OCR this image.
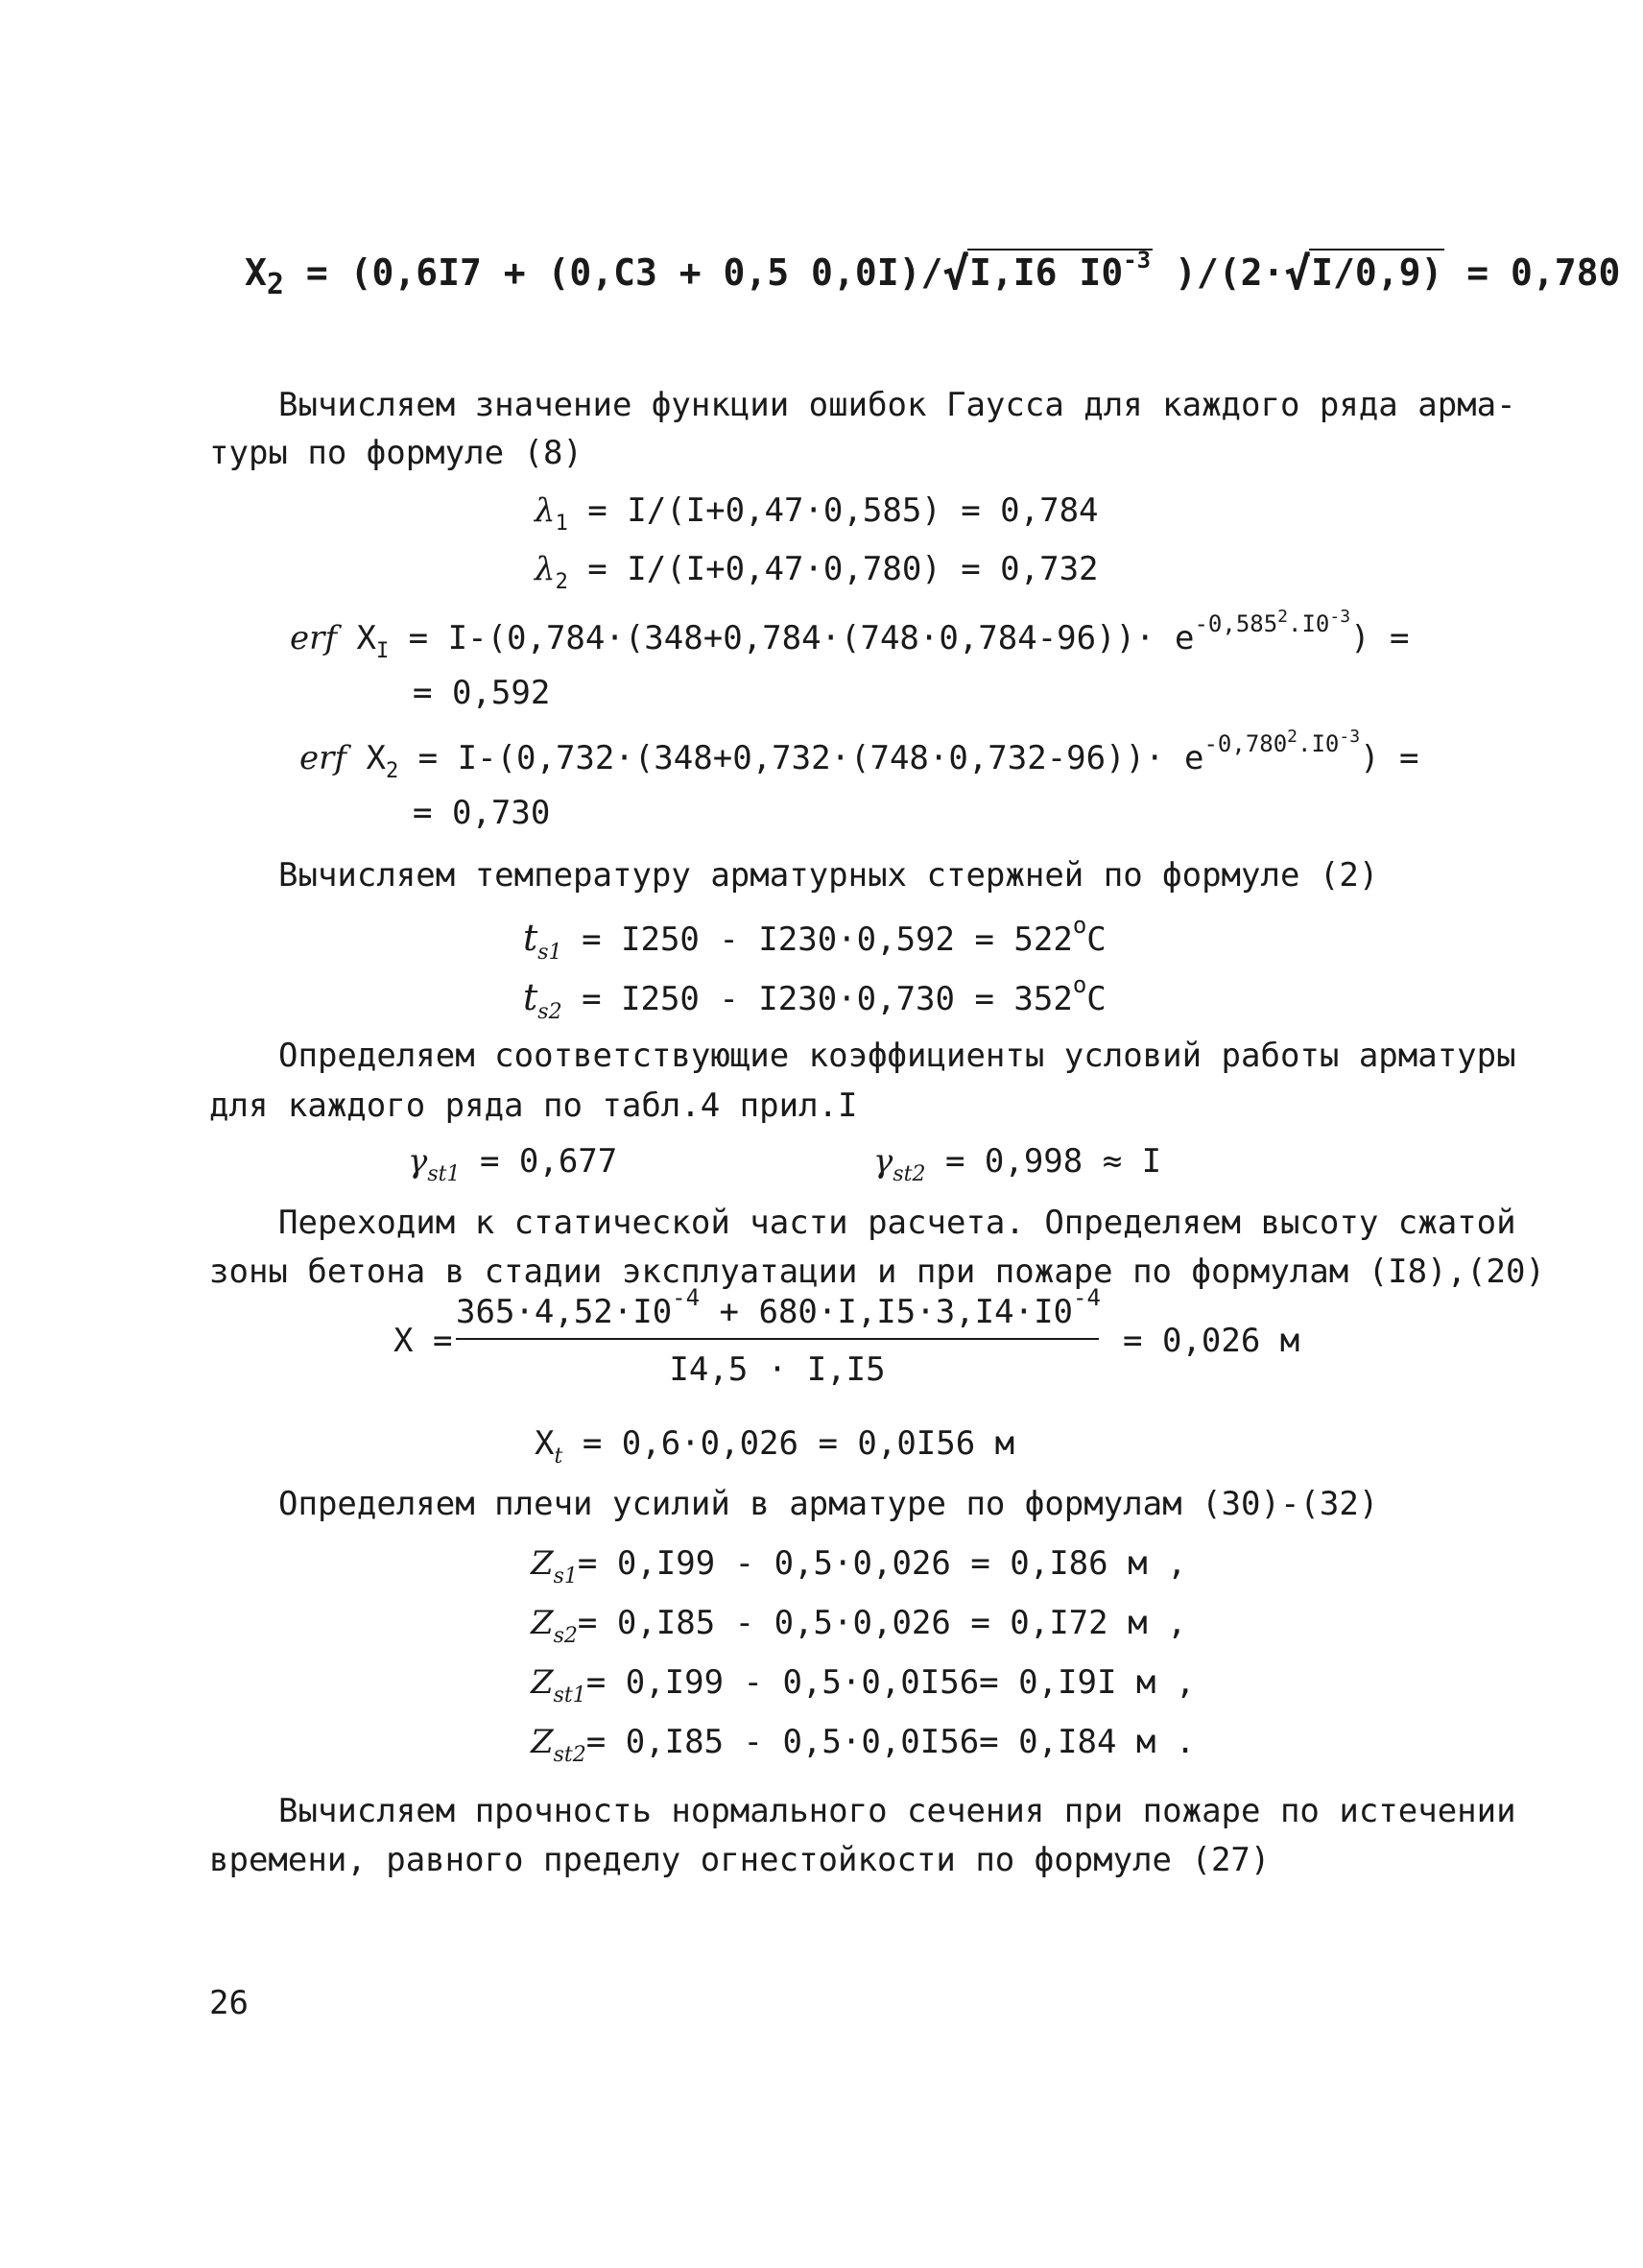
$X_2 = (0,6I7 + (0,C3 + 0,5$ 0,0I)/√I,I6 $I0^{-3}$ )/(2·√I/0,9) = 0,780
Вычисляем значение функции ошибок Гаусса для каждого ряда арма-
туры по формуле (8)
$\lambda_1 = I/(I+0,47\cdot 0,585) = 0,784$
$\lambda_2 = I/(I+0,47\cdot 0,780) = 0,732$
erf $X_I = I-(0,784\cdot(348+0,784\cdot(748\cdot 0,784-96))\cdot e^{-0,585^2.I0^{-3}})$ =
= 0,592
erf $X_2 = I-(0,732\cdot(348+0,732\cdot(748\cdot 0,732-96))\cdot e^{-0,780^2.I0^{-3}})$ =
= 0,730
Вычисляем температуру арматурных стержней по формуле (2)
$t_{s1} = I250 - I230\cdot 0,592 = 522^oC$
$t_{s2} = I250 - I230\cdot 0,730 = 352^oC$
Определяем соответствующие коэффициенты условий работы арматуры
для каждого ряда по табл.4 прил.I
$\gamma_{st1} = 0,677$	$\gamma_{st2} = 0,998 \approx I$
Переходим к статической части расчета. Определяем высоту сжатой
зоны бетона в стадии эксплуатации и при пожаре по формулам (I8),(20)
X =
$365\cdot 4,52\cdot I0^{-4} + 680\cdot I,I5\cdot 3,I4\cdot I0^{-4}$
I4,5 · I,I5
= 0,026 м
$X_t = 0,6\cdot 0,026 = 0,0I56$ м
Определяем плечи усилий в арматуре по формулам (30)-(32)
$Z_{s1}= 0,I99 - 0,5\cdot 0,026 = 0,I86$ м ,
$Z_{s2}= 0,I85 - 0,5\cdot 0,026 = 0,I72$ м ,
$Z_{st1}= 0,I99 - 0,5\cdot 0,0I56= 0,I9I$ м ,
$Z_{st2}= 0,I85 - 0,5\cdot 0,0I56= 0,I84$ м .
Вычисляем прочность нормального сечения при пожаре по истечении
времени, равного пределу огнестойкости по формуле (27)
26
